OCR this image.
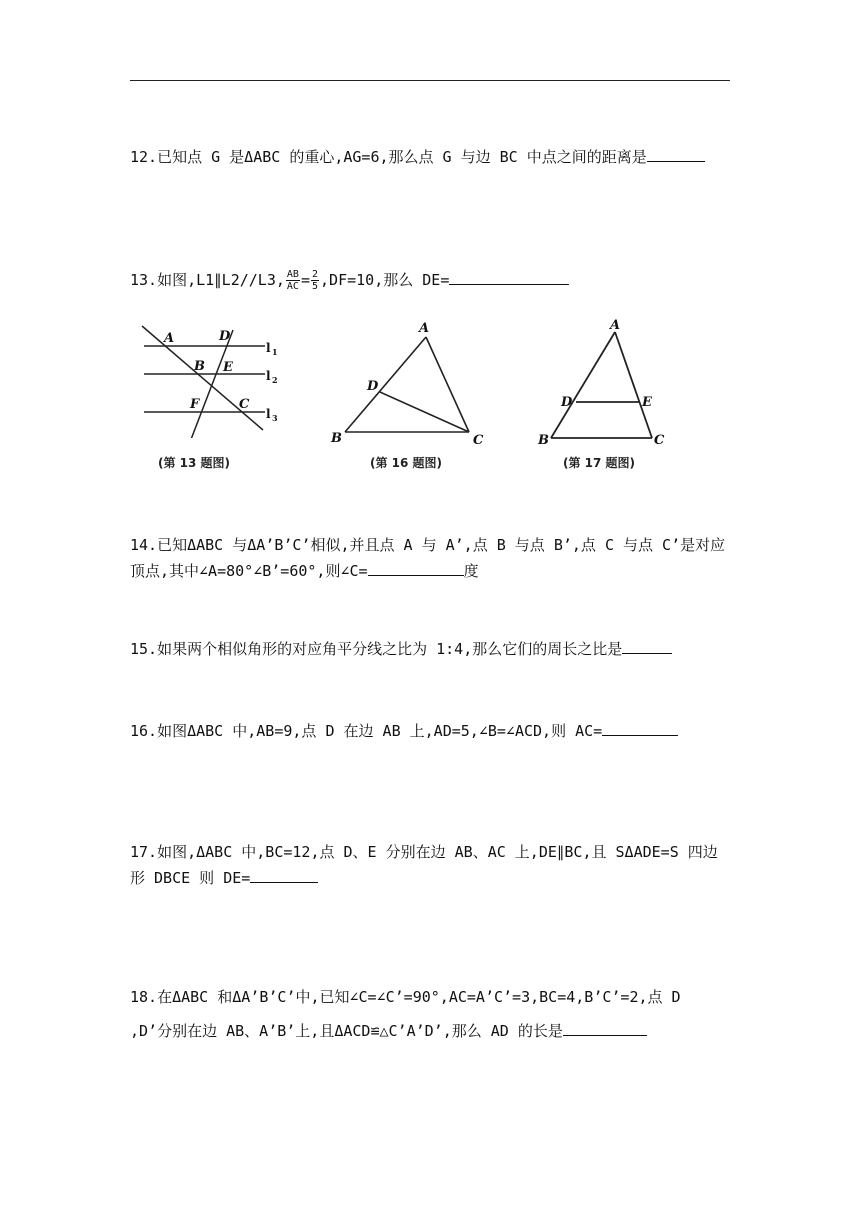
12.已知点 G 是ΔABC 的重心,AG=6,那么点 G 与边 BC 中点之间的距离是
13.如图,L1∥L2//L3, $\frac{AB}{AC} = \frac{2}{5} ,DF=10$,那么 DE=
A	D
B E
F	C
l 1
l 2
l 3
(第 13 题图)
A
D
B	C
(第 16 题图)
A
D	E
B	C
(第 17 题图)
14.已知ΔABC 与ΔA’B’C’相似,并且点 A 与 A’,点 B 与点 B’,点 C 与点 C’是对应
顶点,其中∠A=80°∠B’=60°,则∠C=	度
15.如果两个相似角形的对应角平分线之比为 1:4,那么它们的周长之比是
16.如图ΔABC 中,AB=9,点 D 在边 AB 上,AD=5,∠B=∠ACD,则 AC=
17.如图,ΔABC 中,BC=12,点 D、E 分别在边 AB、AC 上,DE∥BC,且 SΔADE=S 四边
形 DBCE 则 DE=
18.在ΔABC 和ΔA’B’C’中,已知∠C=∠C’=90°,AC=A’C’=3,BC=4,B’C’=2,点 D
,D’分别在边 AB、A’B’上,且ΔACD≌△C’A’D’,那么 AD 的长是
